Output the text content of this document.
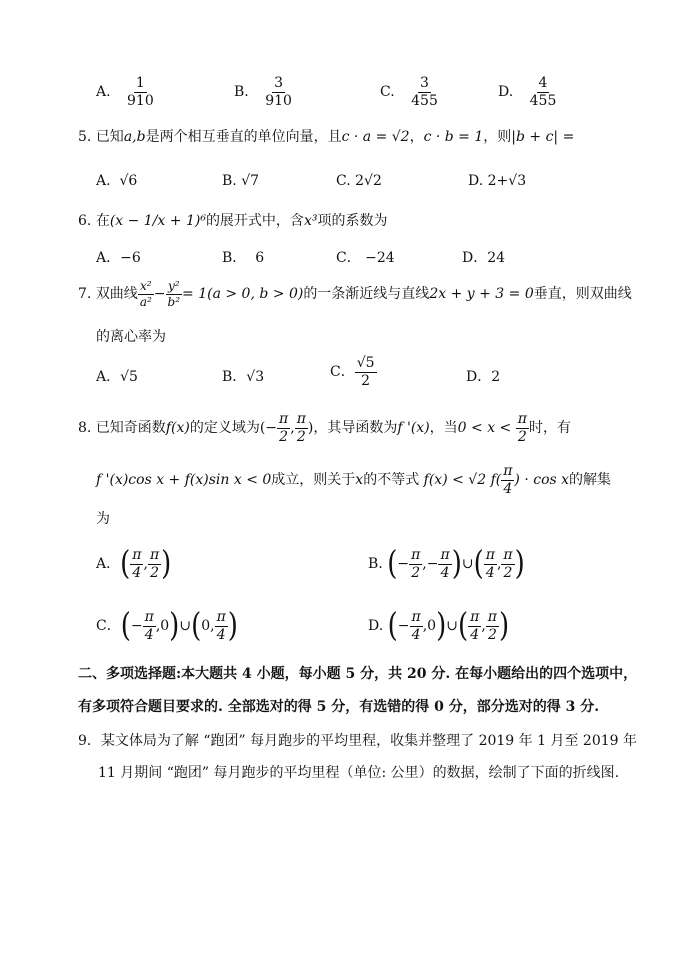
A. $\frac{1}{910}$	B. $\frac{3}{910}$	C. $\frac{3}{455}$	D. $\frac{4}{455}$
5. 已知a,b是两个相互垂直的单位向量，且c · a = √2，c · b = 1，则|b + c| =
A. √6	B. √7	C. 2√2	D. 2+√3
6. 在(x − 1/x + 1)⁶的展开式中，含x³项的系数为
A．−6	B． 6	C． −24	D．24
7.
双曲线 $\frac{\text{x²}}{\text{a²}} - \frac{\text{y²}}{\text{b²}} = 1(a > 0$, b > 0) 的一条渐近线与直线 2x + y + 3 = 0 垂直，则双曲线
的离心率为
A．√5	B．√3	C． $\frac{√5}{2}$	D．2
8.
已知奇函数 f(x) 的定义域为 (− $\frac{\pi}{2}$ , $\frac{\pi}{2}$ ) ，其导函数为 f '(x) ，当 $0 < x < \frac{\pi}{2}$ 时，有
f '(x)cos x + f(x)sin x < 0 成立，则关于 x 的不等式 f(x) < √2 $f( \frac{\pi}{4}$ ) · cos x 的解集
为
A． ( $\frac{\pi}{4}$ , $\frac{\pi}{2}$ )	B.
( − $\frac{\pi}{2}$ ,− $\frac{\pi}{4}$ ) ∪ ( $\frac{\pi}{4}$ , $\frac{\pi}{2}$ )
C． ( − $\frac{\pi}{4} ,0$ ) ∪ ( 0, $\frac{\pi}{4}$ )	D.
( − $\frac{\pi}{4} ,0$ ) ∪ ( $\frac{\pi}{4}$ , $\frac{\pi}{2}$ )
二、多项选择题:本大题共 4 小题，每小题 5 分，共 20 分. 在每小题给出的四个选项中，
有多项符合题目要求的. 全部选对的得 5 分，有选错的得 0 分，部分选对的得 3 分.
9．某文体局为了解 “跑团” 每月跑步的平均里程，收集并整理了 2019 年 1 月至 2019 年
11 月期间 “跑团” 每月跑步的平均里程（单位: 公里）的数据，绘制了下面的折线图.
